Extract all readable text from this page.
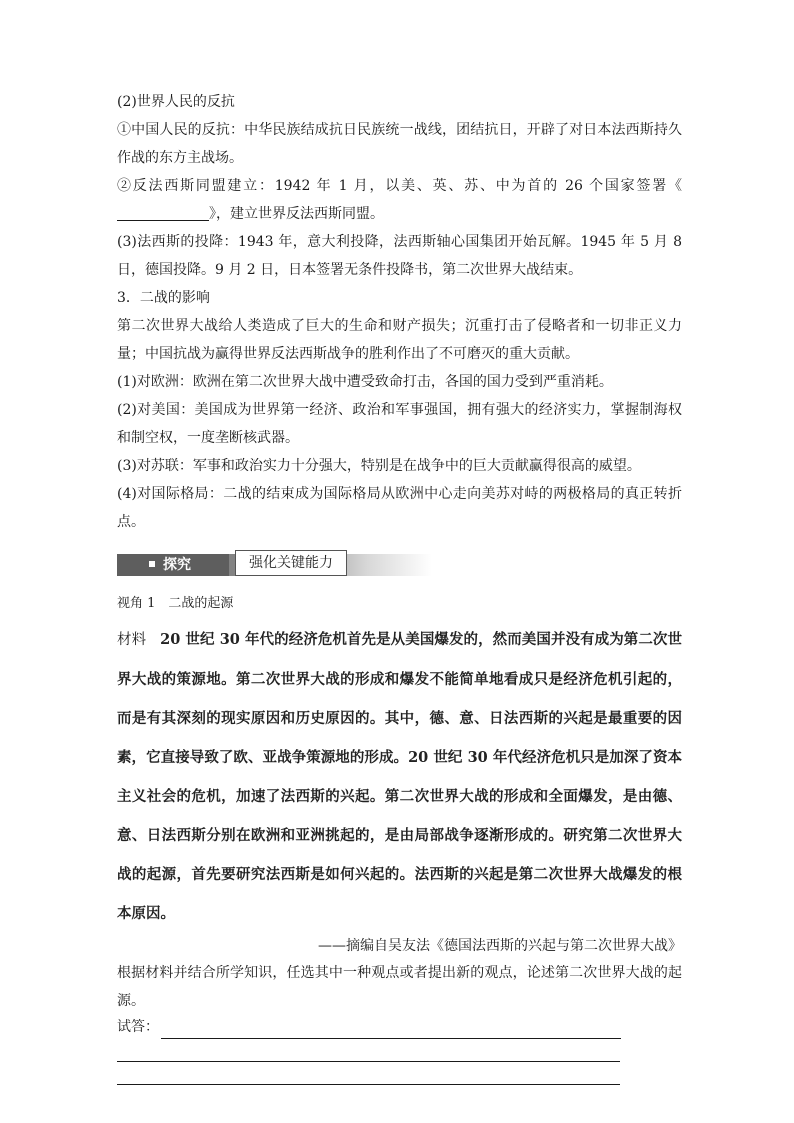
(2)世界人民的反抗

①中国人民的反抗：中华民族结成抗日民族统一战线，团结抗日，开辟了对日本法西斯持久作战的东方主战场。

②反法西斯同盟建立：1942 年 1 月，以美、英、苏、中为首的 26 个国家签署《》，建立世界反法西斯同盟。

(3)法西斯的投降：1943 年，意大利投降，法西斯轴心国集团开始瓦解。1945 年 5 月 8 日，德国投降。9 月 2 日，日本签署无条件投降书，第二次世界大战结束。

3．二战的影响

第二次世界大战给人类造成了巨大的生命和财产损失；沉重打击了侵略者和一切非正义力量；中国抗战为赢得世界反法西斯战争的胜利作出了不可磨灭的重大贡献。

(1)对欧洲：欧洲在第二次世界大战中遭受致命打击，各国的国力受到严重消耗。

(2)对美国：美国成为世界第一经济、政治和军事强国，拥有强大的经济实力，掌握制海权和制空权，一度垄断核武器。

(3)对苏联：军事和政治实力十分强大，特别是在战争中的巨大贡献赢得很高的威望。

(4)对国际格局：二战的结束成为国际格局从欧洲中心走向美苏对峙的两极格局的真正转折点。

探究	强化关键能力

视角 1　二战的起源

材料 20 世纪 30 年代的经济危机首先是从美国爆发的，然而美国并没有成为第二次世界大战的策源地。第二次世界大战的形成和爆发不能简单地看成只是经济危机引起的，而是有其深刻的现实原因和历史原因的。其中，德、意、日法西斯的兴起是最重要的因素，它直接导致了欧、亚战争策源地的形成。20 世纪 30 年代经济危机只是加深了资本主义社会的危机，加速了法西斯的兴起。第二次世界大战的形成和全面爆发，是由德、意、日法西斯分别在欧洲和亚洲挑起的，是由局部战争逐渐形成的。研究第二次世界大战的起源，首先要研究法西斯是如何兴起的。法西斯的兴起是第二次世界大战爆发的根本原因。

——摘编自吴友法《德国法西斯的兴起与第二次世界大战》

根据材料并结合所学知识，任选其中一种观点或者提出新的观点，论述第二次世界大战的起源。

试答：
